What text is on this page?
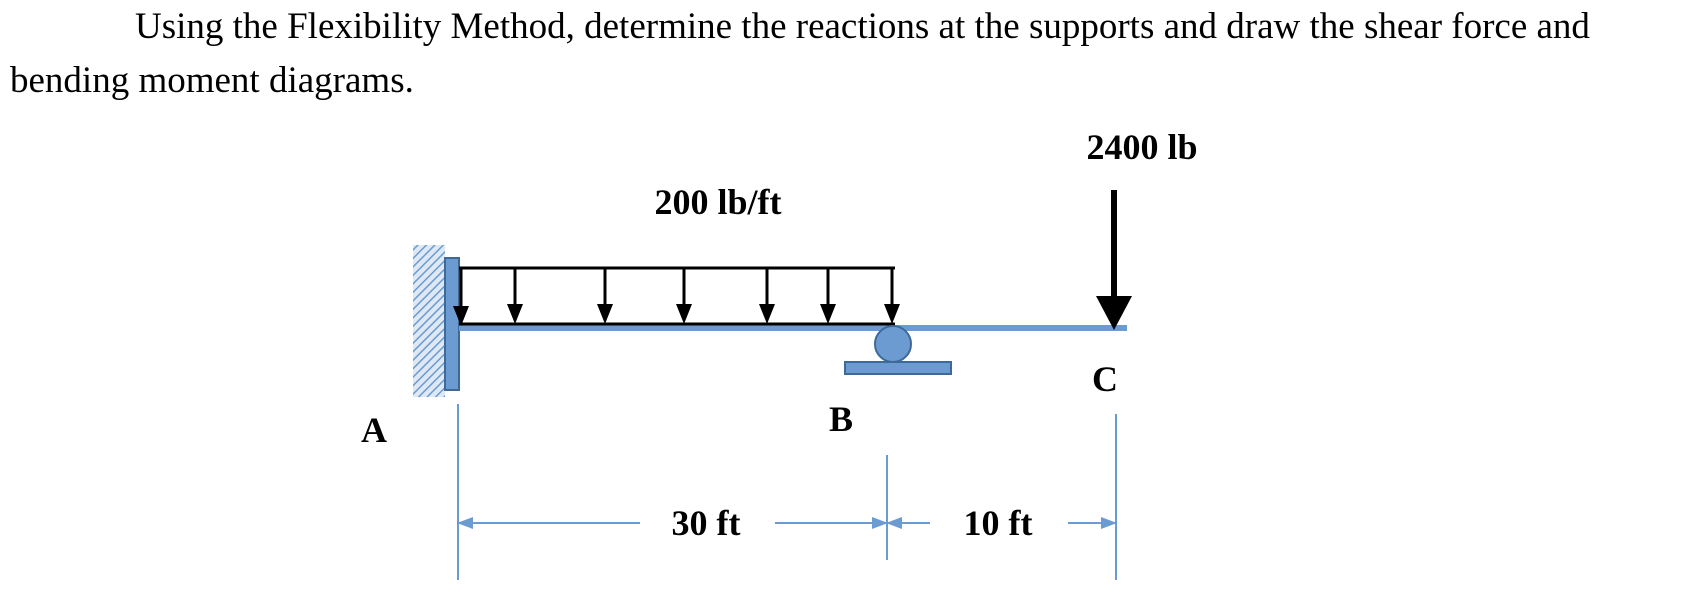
Using the Flexibility Method, determine the reactions at the supports and draw the shear force and bending moment diagrams.
200 lb/ft
2400 lb
A	B
C
30 ft	10 ft
